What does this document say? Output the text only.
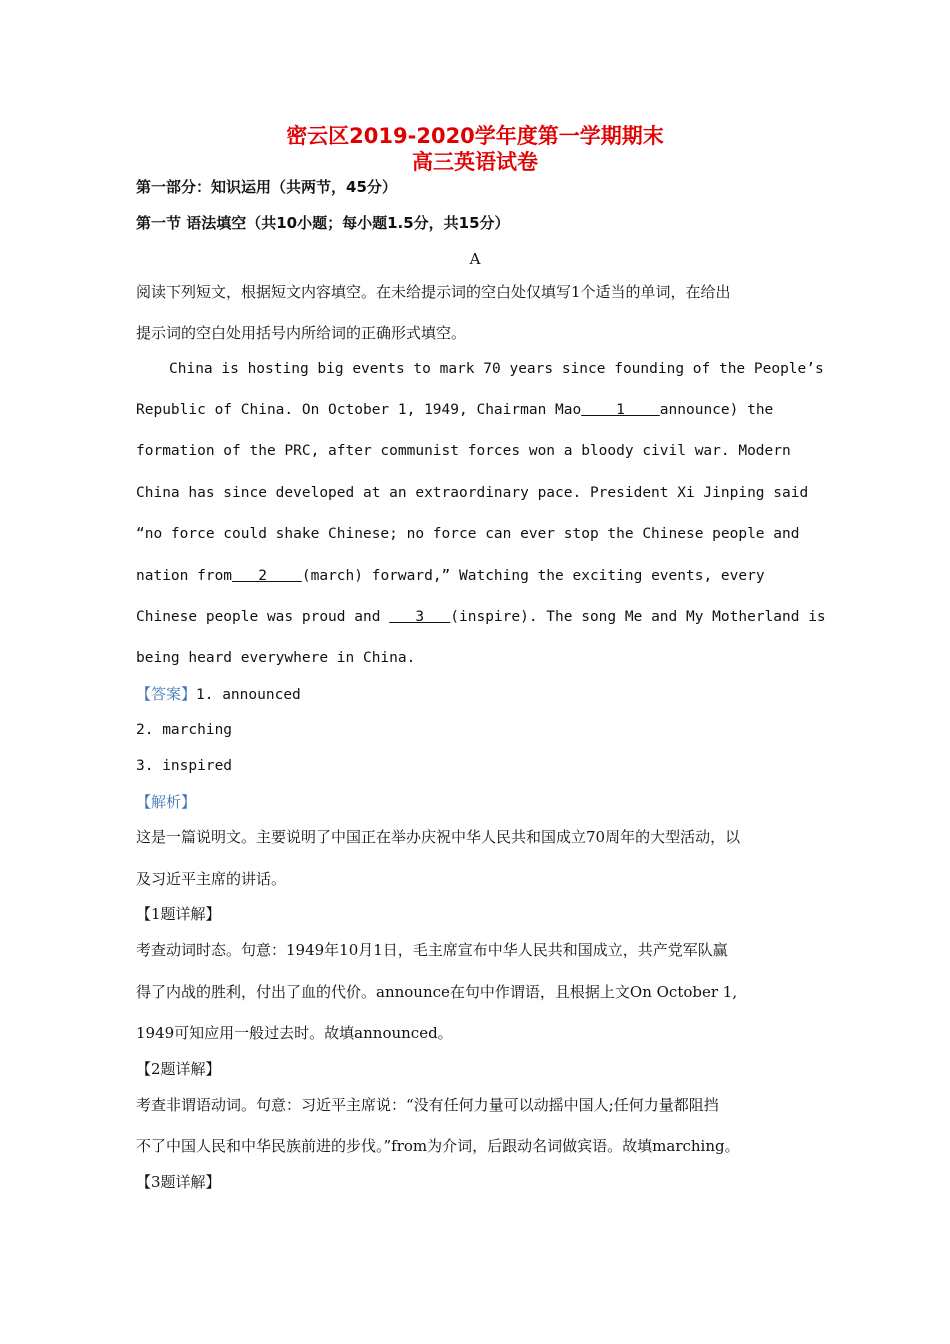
密云区2019-2020学年度第一学期期末
高三英语试卷
第一部分：知识运用（共两节，45分）
第一节 语法填空（共10小题；每小题1.5分，共15分）
A
阅读下列短文，根据短文内容填空。在未给提示词的空白处仅填写1个适当的单词，在给出
提示词的空白处用括号内所给词的正确形式填空。
China is hosting big events to mark 70 years since founding of the People’s
Republic of China. On October 1, 1949, Chairman Mao    1    announce) the
formation of the PRC, after communist forces won a bloody civil war. Modern
China has since developed at an extraordinary pace. President Xi Jinping said
“no force could shake Chinese; no force can ever stop the Chinese people and
nation from   2    (march) forward,” Watching the exciting events, every
Chinese people was proud and    3   (inspire). The song Me and My Motherland is
being heard everywhere in China.
【答案】1. announced
2. marching
3. inspired
【解析】
这是一篇说明文。主要说明了中国正在举办庆祝中华人民共和国成立70周年的大型活动，以
及习近平主席的讲话。
【1题详解】
考查动词时态。句意：1949年10月1日，毛主席宣布中华人民共和国成立，共产党军队赢
得了内战的胜利，付出了血的代价。announce在句中作谓语，且根据上文On October 1,
1949可知应用一般过去时。故填announced。
【2题详解】
考查非谓语动词。句意：习近平主席说：“没有任何力量可以动摇中国人;任何力量都阻挡
不了中国人民和中华民族前进的步伐。”from为介词，后跟动名词做宾语。故填marching。
【3题详解】
